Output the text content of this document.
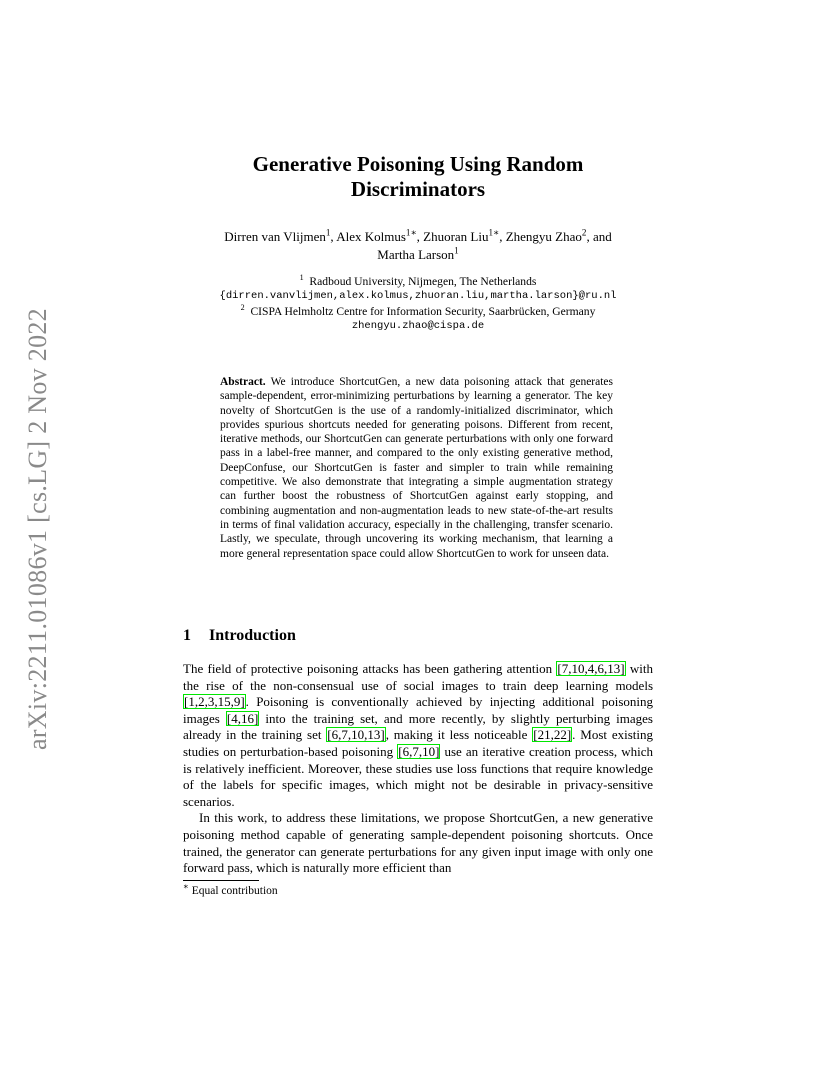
arXiv:2211.01086v1 [cs.LG] 2 Nov 2022
Generative Poisoning Using Random
Discriminators
Dirren van Vlijmen$^1$, Alex Kolmus$^{1∗}$, Zhuoran Liu$^{1∗}$, Zhengyu Zhao$^2$, and
Martha Larson$^1$
$^1$ Radboud University, Nijmegen, The Netherlands
{dirren.vanvlijmen,alex.kolmus,zhuoran.liu,martha.larson}@ru.nl
$^2$ CISPA Helmholtz Centre for Information Security, Saarbrücken, Germany
zhengyu.zhao@cispa.de
Abstract. We introduce ShortcutGen, a new data poisoning attack that generates sample-dependent, error-minimizing perturbations by learning a generator. The key novelty of ShortcutGen is the use of a randomly-initialized discriminator, which provides spurious shortcuts needed for generating poisons. Different from recent, iterative methods, our ShortcutGen can generate perturbations with only one forward pass in a label-free manner, and compared to the only existing generative method, DeepConfuse, our ShortcutGen is faster and simpler to train while remaining competitive. We also demonstrate that integrating a simple augmentation strategy can further boost the robustness of ShortcutGen against early stopping, and combining augmentation and non-augmentation leads to new state-of-the-art results in terms of final validation accuracy, especially in the challenging, transfer scenario. Lastly, we speculate, through uncovering its working mechanism, that learning a more general representation space could allow ShortcutGen to work for unseen data.
1 Introduction

The field of protective poisoning attacks has been gathering attention [7,10,4,6,13] with the rise of the non-consensual use of social images to train deep learning models [1,2,3,15,9]. Poisoning is conventionally achieved by injecting additional poisoning images [4,16] into the training set, and more recently, by slightly perturbing images already in the training set [6,7,10,13], making it less noticeable [21,22]. Most existing studies on perturbation-based poisoning [6,7,10] use an iterative creation process, which is relatively inefficient. Moreover, these studies use loss functions that require knowledge of the labels for specific images, which might not be desirable in privacy-sensitive scenarios.

In this work, to address these limitations, we propose ShortcutGen, a new generative poisoning method capable of generating sample-dependent poisoning shortcuts. Once trained, the generator can generate perturbations for any given input image with only one forward pass, which is naturally more efficient than

∗ Equal contribution
